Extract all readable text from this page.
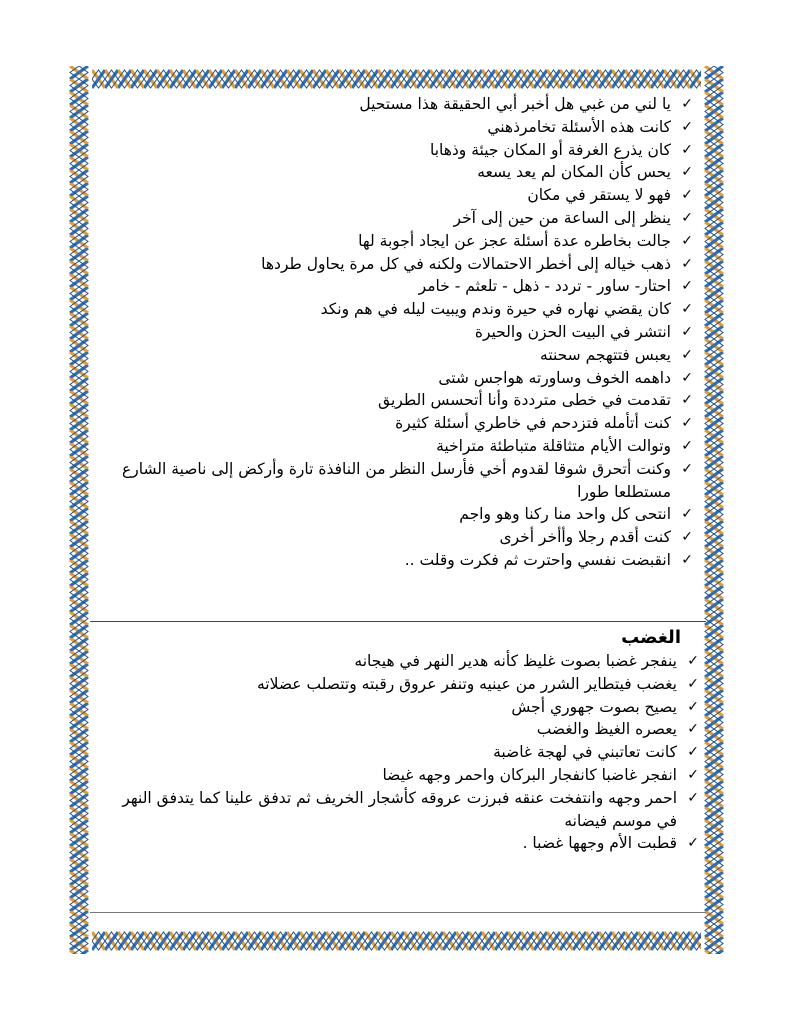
✓
يا لني من غبي هل أخبر أبي الحقيقة هذا مستحيل
✓
كانت هذه الأسئلة تخامرذهني
✓
كان يذرع الغرفة أو المكان جيئة وذهابا
✓
يحس كأن المكان لم يعد يسعه
✓
فهو لا يستقر في مكان
✓
ينظر إلى الساعة من حين إلى آخر
✓
جالت بخاطره عدة أسئلة عجز عن ايجاد أجوبة لها
✓
ذهب خياله إلى أخطر الاحتمالات ولكنه في كل مرة يحاول طردها
✓
احتار- ساور - تردد - ذهل - تلعثم - خامر
✓
كان يقضي نهاره في حيرة وندم ويبيت ليله في هم ونكد
✓
انتشر في البيت الحزن والحيرة
✓
يعبس فتتهجم سحنته
✓
داهمه الخوف وساورته هواجس شتى
✓
تقدمت في خطى مترددة وأنا أتحسس الطريق
✓
كنت أتأمله فتزدحم في خاطري أسئلة كثيرة
✓
وتوالت الأيام متثاقلة متباطئة متراخية
✓
وكنت أتحرق شوقا لقدوم أخي فأرسل النظر من النافذة تارة وأركض إلى ناصية الشارع مستطلعا طورا
✓
انتحى كل واحد منا ركنا وهو واجم
✓
كنت أقدم رجلا وأأخر أخرى
✓
انقبضت نفسي واحترت ثم فكرت وقلت ..
الغضب
✓
ينفجر غضبا بصوت غليظ كأنه هدير النهر في هيجانه
✓
يغضب فيتطاير الشرر من عينيه وتنفر عروق رقبته وتتصلب عضلاته
✓
يصيح بصوت جهوري أجش
✓
يعصره الغيظ والغضب
✓
كانت تعاتبني في لهجة غاضبة
✓
انفجر غاضبا كانفجار البركان واحمر وجهه غيضا
✓
احمر وجهه وانتفخت عنقه فبرزت عروقه كأشجار الخريف ثم تدفق علينا كما يتدفق النهر في موسم فيضانه
✓
قطبت الأم وجهها غضبا .
